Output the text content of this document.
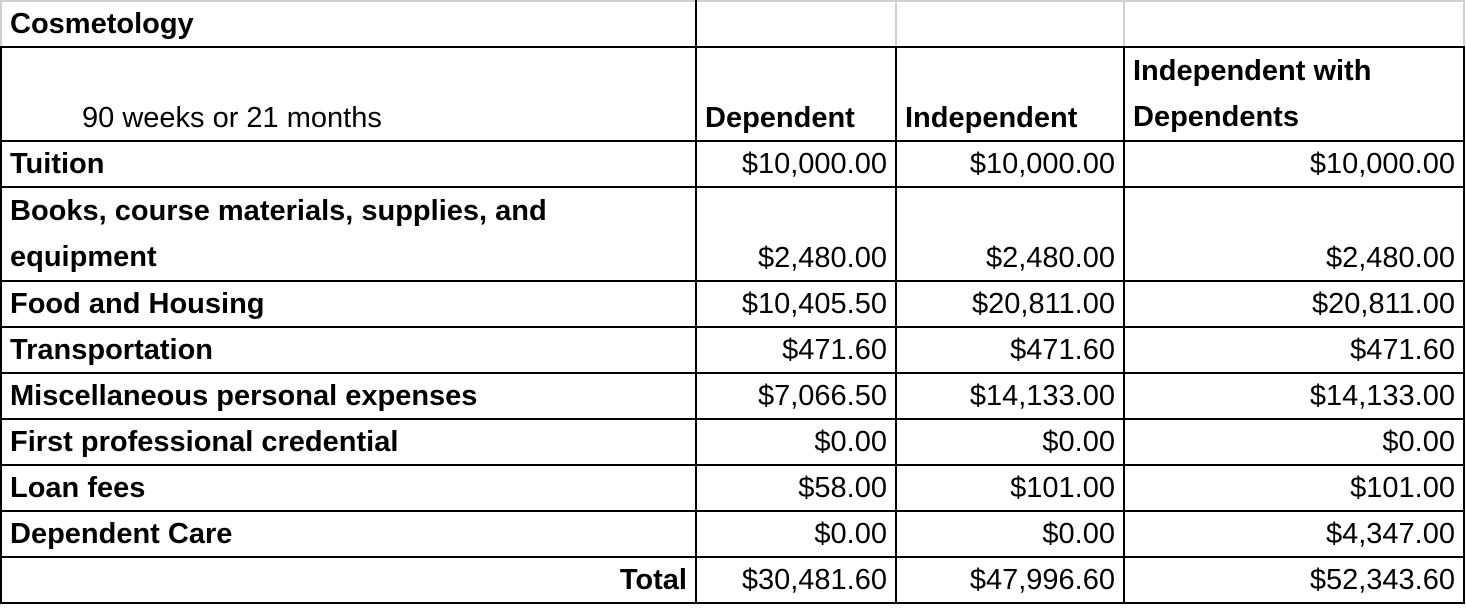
Cosmetology			
90 weeks or 21 months	Dependent	Independent	Independent with Dependents
Tuition	$10,000.00	$10,000.00	$10,000.00
Books, course materials, supplies, and equipment	$2,480.00	$2,480.00	$2,480.00
Food and Housing	$10,405.50	$20,811.00	$20,811.00
Transportation	$471.60	$471.60	$471.60
Miscellaneous personal expenses	$7,066.50	$14,133.00	$14,133.00
First professional credential	$0.00	$0.00	$0.00
Loan fees	$58.00	$101.00	$101.00
Dependent Care	$0.00	$0.00	$4,347.00
Total	$30,481.60	$47,996.60	$52,343.60
